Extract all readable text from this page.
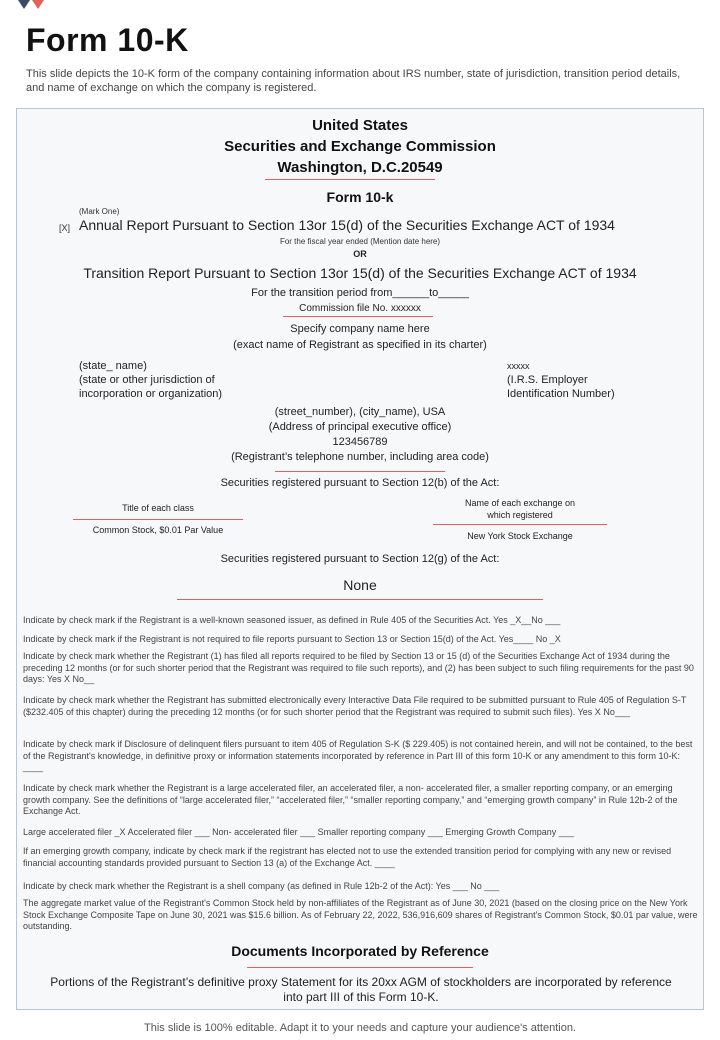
Form 10-K

This slide depicts the 10-K form of the company containing information about IRS number, state of jurisdiction, transition period details, and name of exchange on which the company is registered.

United States
Securities and Exchange Commission
Washington, D.C.20549
Form 10-k
(Mark One)
[X] Annual Report Pursuant to Section 13or 15(d) of the Securities Exchange ACT of 1934
For the fiscal year ended (Mention date here)
OR
Transition Report Pursuant to Section 13or 15(d) of the Securities Exchange ACT of 1934
For the transition period from______to_____
Commission file No. xxxxxx
Specify company name here
(exact name of Registrant as specified in its charter)
(state_ name)
(state or other jurisdiction of
incorporation or organization)
xxxxx
(I.R.S. Employer
Identification Number)
(street_number), (city_name), USA
(Address of principal executive office)
123456789
(Registrant’s telephone number, including area code)
Securities registered pursuant to Section 12(b) of the Act:
Title of each class
Common Stock, $0.01 Par Value
Name of each exchange on
which registered
New York Stock Exchange
Securities registered pursuant to Section 12(g) of the Act:
None

Indicate by check mark if the Registrant is a well-known seasoned issuer, as defined in Rule 405 of the Securities Act. Yes _X__No ___

Indicate by check mark if the Registrant is not required to file reports pursuant to Section 13 or Section 15(d) of the Act. Yes____ No _X

Indicate by check mark whether the Registrant (1) has filed all reports required to be filed by Section 13 or 15 (d) of the Securities Exchange Act of 1934 during the preceding 12 months (or for such shorter period that the Registrant was required to file such reports), and (2) has been subject to such filing requirements for the past 90 days: Yes X No__

Indicate by check mark whether the Registrant has submitted electronically every Interactive Data File required to be submitted pursuant to Rule 405 of Regulation S-T ($232.405 of this chapter) during the preceding 12 months (or for such shorter period that the Registrant was required to submit such files). Yes X No___

Indicate by check mark if Disclosure of delinquent filers pursuant to item 405 of Regulation S-K ($ 229.405) is not contained herein, and will not be contained, to the best of the Registrant's knowledge, in definitive proxy or information statements incorporated by reference in Part III of this form 10-K or any amendment to this form 10-K: ____

Indicate by check mark whether the Registrant is a large accelerated filer, an accelerated filer, a non- accelerated filer, a smaller reporting company, or an emerging growth company. See the definitions of “large accelerated filer,” “accelerated filer,” “smaller reporting company,” and “emerging growth company” in Rule 12b-2 of the Exchange Act.

Large accelerated filer _X Accelerated filer ___ Non- accelerated filer ___ Smaller reporting company ___ Emerging Growth Company ___

If an emerging growth company, indicate by check mark if the registrant has elected not to use the extended transition period for complying with any new or revised financial accounting standards provided pursuant to Section 13 (a) of the Exchange Act. ____

Indicate by check mark whether the Registrant is a shell company (as defined in Rule 12b-2 of the Act): Yes ___ No ___

The aggregate market value of the Registrant's Common Stock held by non-affiliates of the Registrant as of June 30, 2021 (based on the closing price on the New York Stock Exchange Composite Tape on June 30, 2021 was $15.6 billion. As of February 22, 2022, 536,916,609 shares of Registrant's Common Stock, $0.01 par value, were outstanding.

Documents Incorporated by Reference
Portions of the Registrant’s definitive proxy Statement for its 20xx AGM of stockholders are incorporated by reference into part III of this Form 10-K.
This slide is 100% editable. Adapt it to your needs and capture your audience's attention.
